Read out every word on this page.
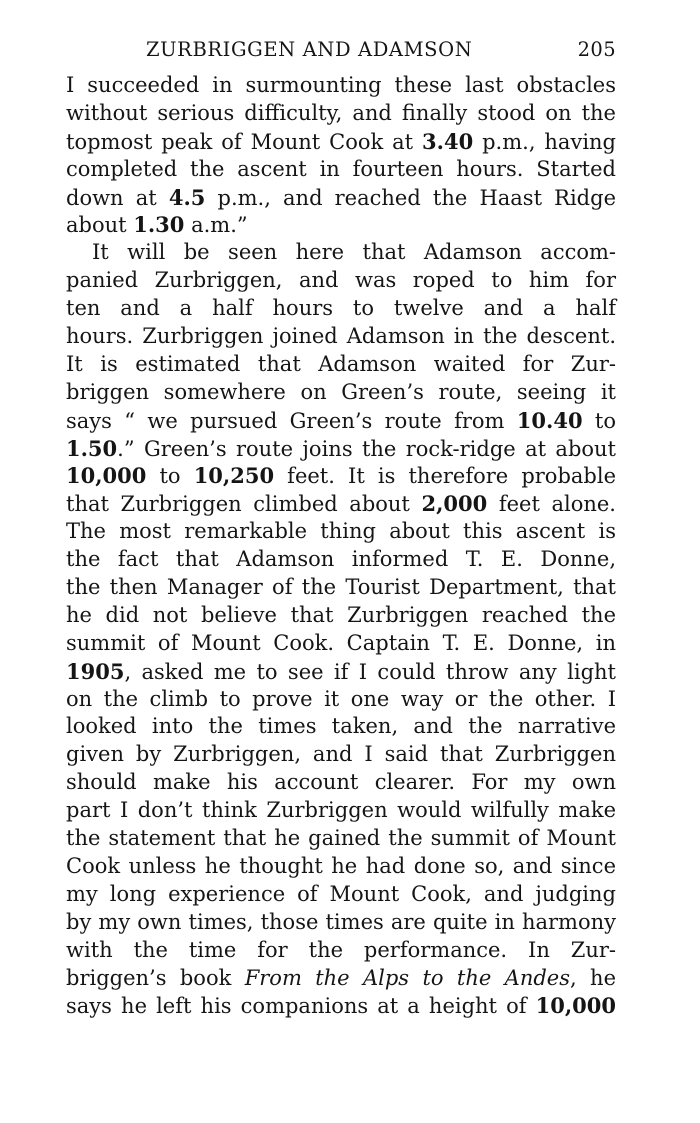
ZURBRIGGEN AND ADAMSON	205
I succeeded in surmounting these last obstacles
without serious difficulty, and finally stood on the
topmost peak of Mount Cook at 3.40 p.m., having
completed the ascent in fourteen hours. Started
down at 4.5 p.m., and reached the Haast Ridge
about 1.30 a.m.”
It will be seen here that Adamson accom-
panied Zurbriggen, and was roped to him for
ten and a half hours to twelve and a half
hours. Zurbriggen joined Adamson in the descent.
It is estimated that Adamson waited for Zur-
briggen somewhere on Green’s route, seeing it
says “ we pursued Green’s route from 10.40 to
1.50.” Green’s route joins the rock-ridge at about
10,000 to 10,250 feet. It is therefore probable
that Zurbriggen climbed about 2,000 feet alone.
The most remarkable thing about this ascent is
the fact that Adamson informed T. E. Donne,
the then Manager of the Tourist Department, that
he did not believe that Zurbriggen reached the
summit of Mount Cook. Captain T. E. Donne, in
1905, asked me to see if I could throw any light
on the climb to prove it one way or the other. I
looked into the times taken, and the narrative
given by Zurbriggen, and I said that Zurbriggen
should make his account clearer. For my own
part I don’t think Zurbriggen would wilfully make
the statement that he gained the summit of Mount
Cook unless he thought he had done so, and since
my long experience of Mount Cook, and judging
by my own times, those times are quite in harmony
with the time for the performance. In Zur-
briggen’s book From the Alps to the Andes, he
says he left his companions at a height of 10,000
